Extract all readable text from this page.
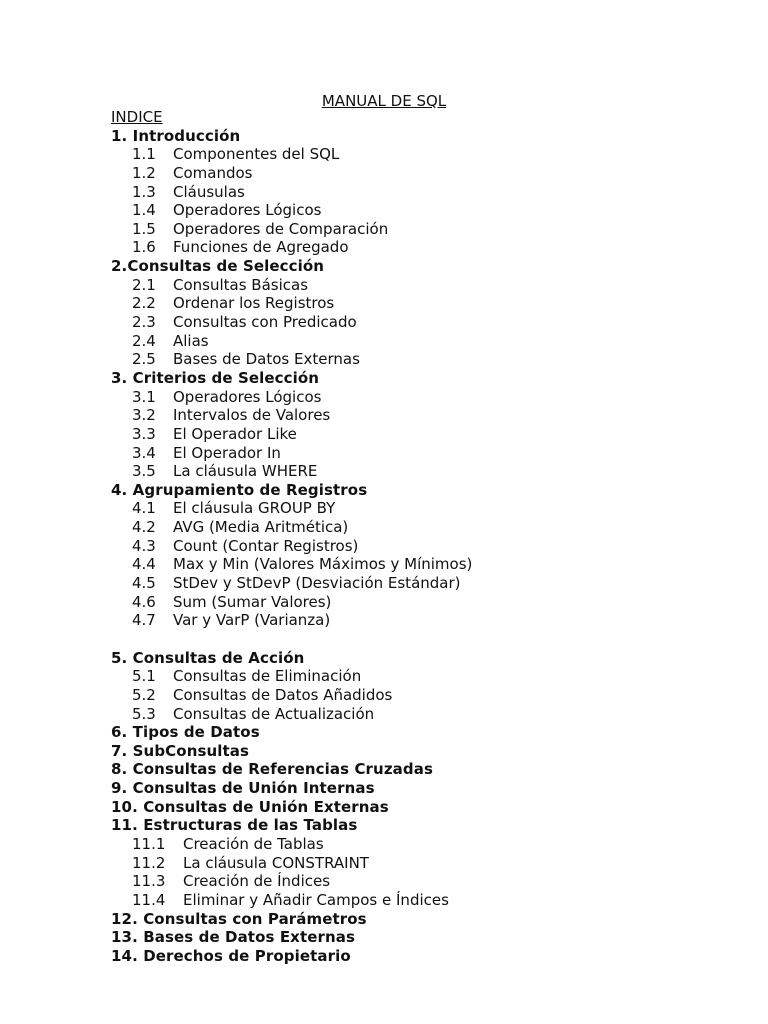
MANUAL DE SQL
INDICE
1. Introducción
1.1 Componentes del SQL
1.2 Comandos
1.3 Cláusulas
1.4 Operadores Lógicos
1.5 Operadores de Comparación
1.6 Funciones de Agregado
2.Consultas de Selección
2.1 Consultas Básicas
2.2 Ordenar los Registros
2.3 Consultas con Predicado
2.4 Alias
2.5 Bases de Datos Externas
3. Criterios de Selección
3.1 Operadores Lógicos
3.2 Intervalos de Valores
3.3 El Operador Like
3.4 El Operador In
3.5 La cláusula WHERE
4. Agrupamiento de Registros
4.1 El cláusula GROUP BY
4.2 AVG (Media Aritmética)
4.3 Count (Contar Registros)
4.4 Max y Min (Valores Máximos y Mínimos)
4.5 StDev y StDevP (Desviación Estándar)
4.6 Sum (Sumar Valores)
4.7 Var y VarP (Varianza)
5. Consultas de Acción
5.1 Consultas de Eliminación
5.2 Consultas de Datos Añadidos
5.3 Consultas de Actualización
6. Tipos de Datos
7. SubConsultas
8. Consultas de Referencias Cruzadas
9. Consultas de Unión Internas
10. Consultas de Unión Externas
11. Estructuras de las Tablas
11.1 Creación de Tablas
11.2 La cláusula CONSTRAINT
11.3 Creación de Índices
11.4 Eliminar y Añadir Campos e Índices
12. Consultas con Parámetros
13. Bases de Datos Externas
14. Derechos de Propietario
